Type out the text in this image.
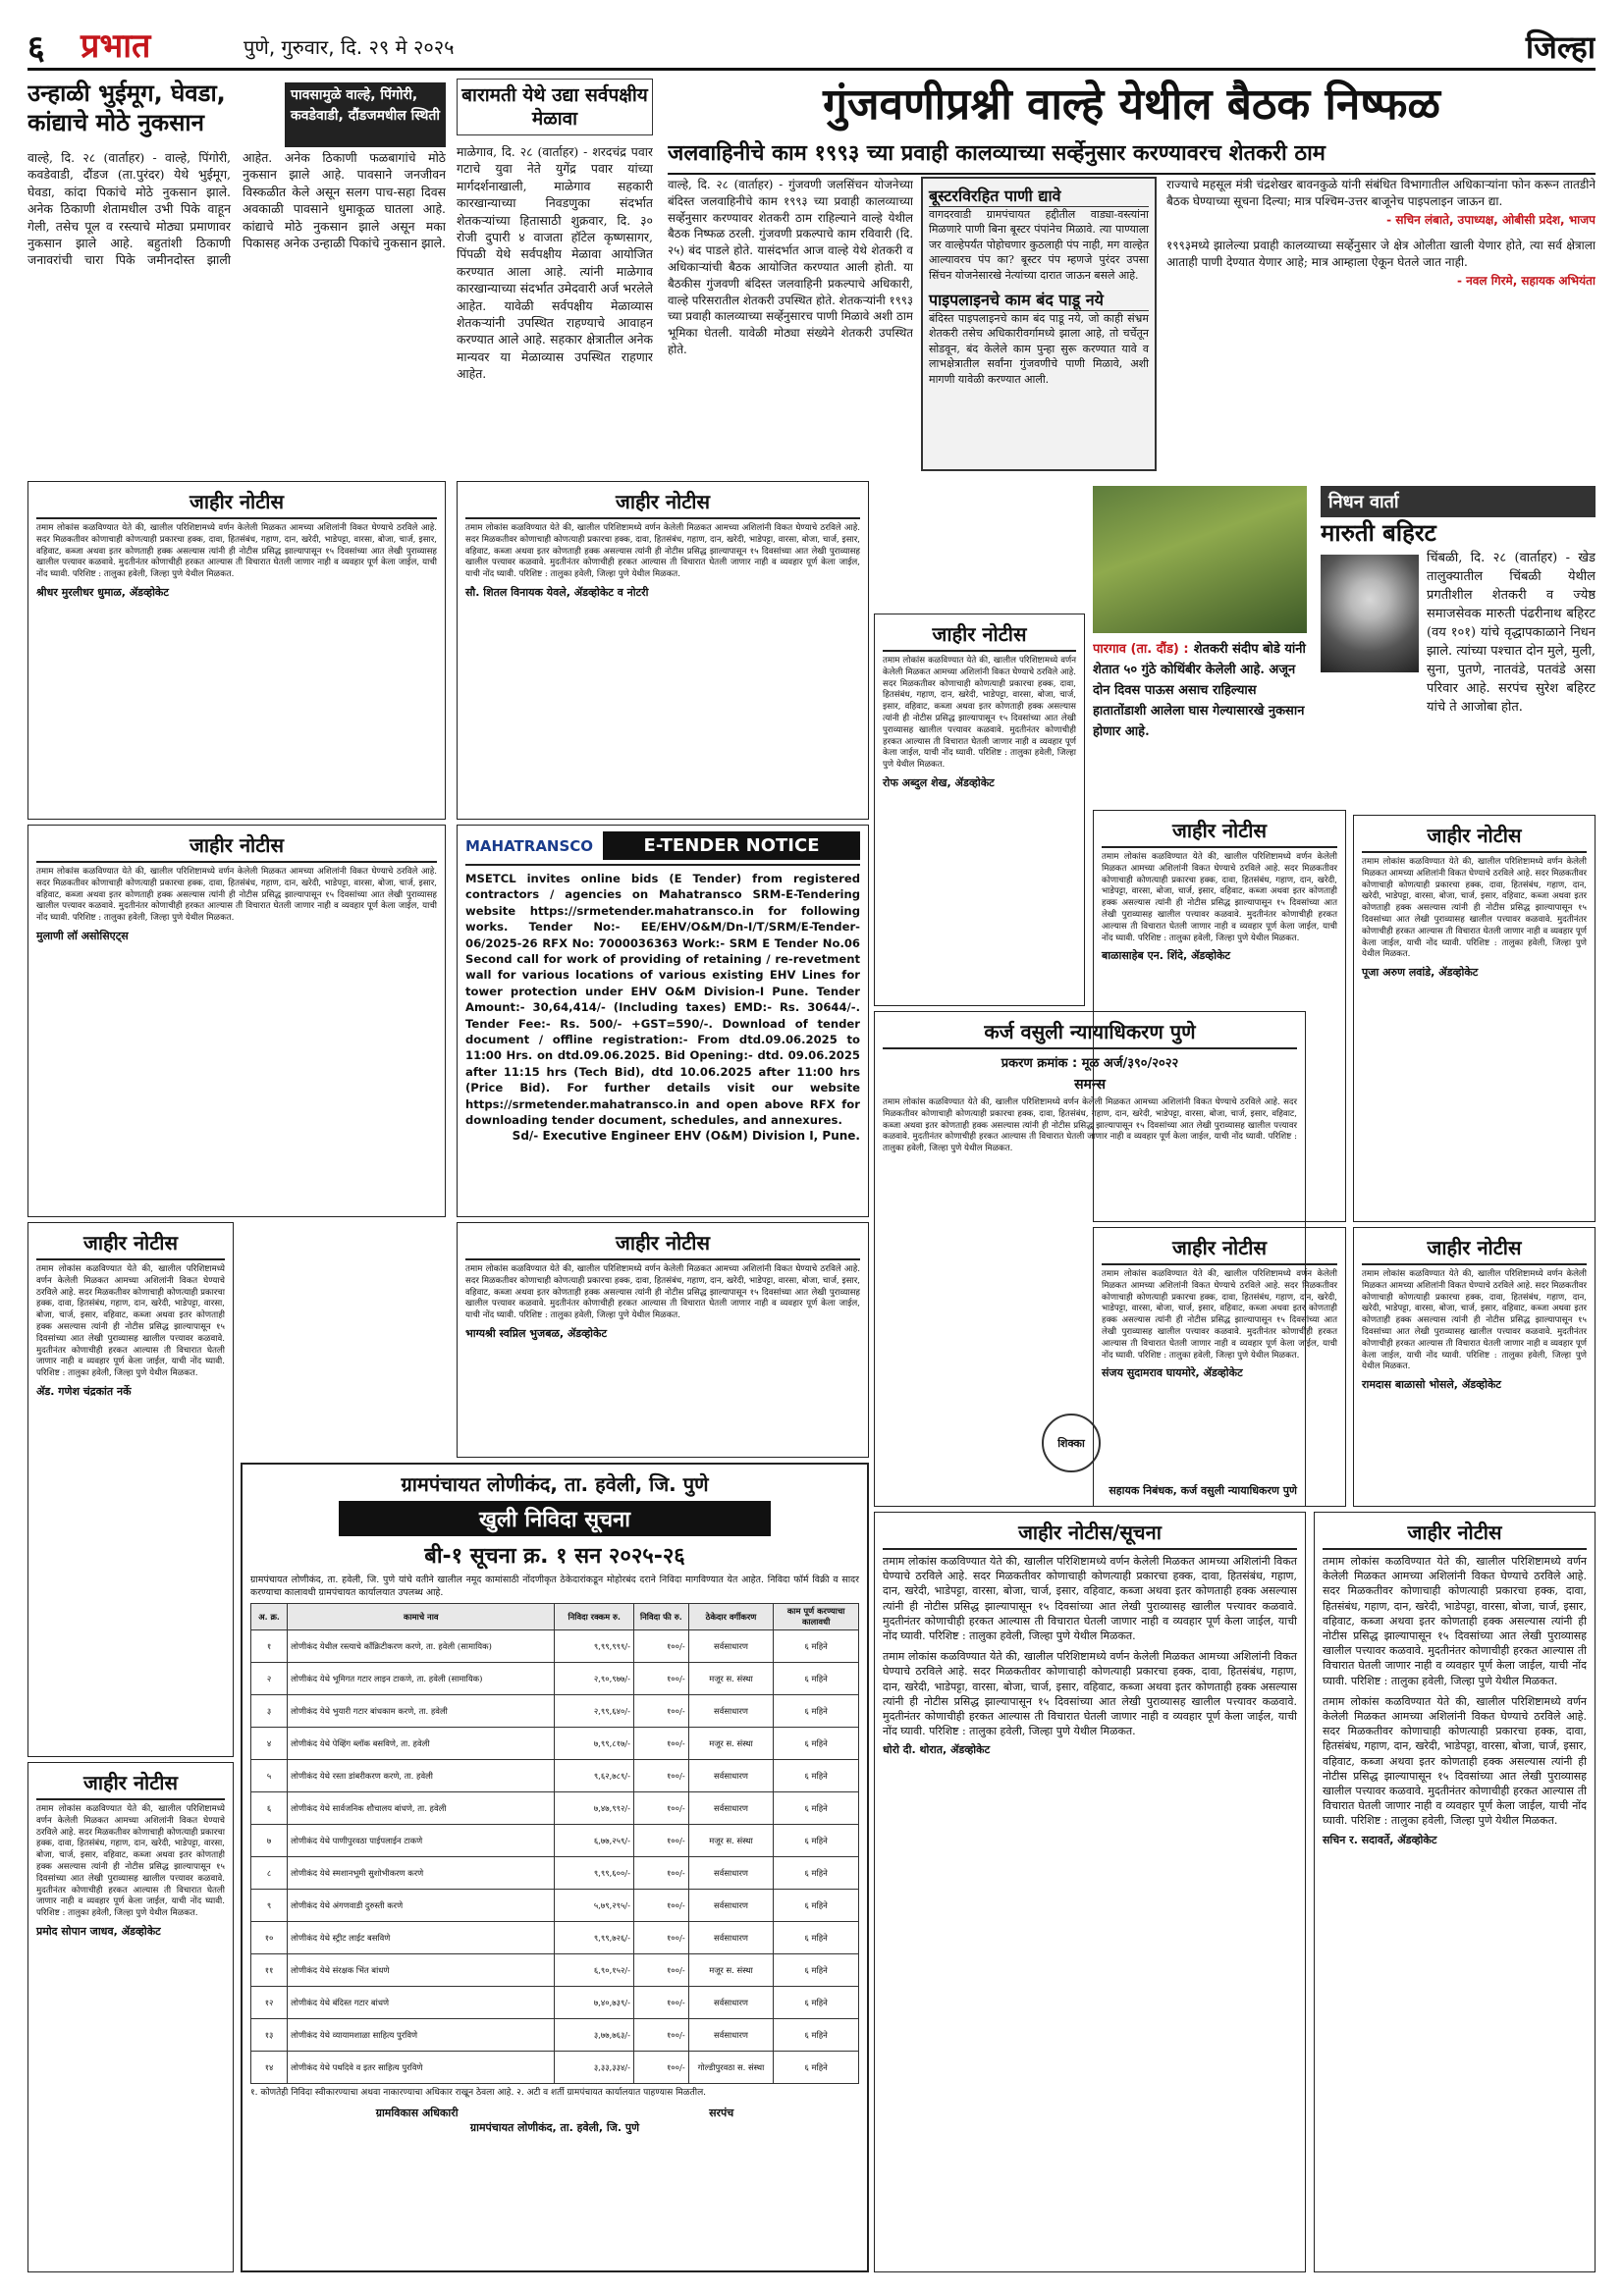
६ प्रभात	पुणे, गुरुवार, दि. २९ मे २०२५	जिल्हा
उन्हाळी भुईमूग, घेवडा, कांद्याचे मोठे नुकसान
पावसामुळे वाल्हे, पिंगोरी, कवडेवाडी, दौंडजमधील स्थिती

वाल्हे, दि. २८ (वार्ताहर) - वाल्हे, पिंगोरी, कवडेवाडी, दौंडज (ता.पुरंदर) येथे भुईमूग, घेवडा, कांदा पिकांचे मोठे नुकसान झाले. अनेक ठिकाणी शेतामधील उभी पिके वाहून गेली, तसेच पूल व रस्त्याचे मोठ्या प्रमाणावर नुकसान झाले आहे. बहुतांशी ठिकाणी जनावरांची चारा पिके जमीनदोस्त झाली आहेत. अनेक ठिकाणी फळबागांचे मोठे नुकसान झाले आहे. पावसाने जनजीवन विस्कळीत केले असून सलग पाच-सहा दिवस अवकाळी पावसाने धुमाकूळ घातला आहे. कांद्याचे मोठे नुकसान झाले असून मका पिकासह अनेक उन्हाळी पिकांचे नुकसान झाले.

बारामती येथे उद्या सर्वपक्षीय मेळावा

माळेगाव, दि. २८ (वार्ताहर) - शरदचंद्र पवार गटाचे युवा नेते युगेंद्र पवार यांच्या मार्गदर्शनाखाली, माळेगाव सहकारी कारखान्याच्या निवडणुका संदर्भात शेतकऱ्यांच्या हितासाठी शुक्रवार, दि. ३० रोजी दुपारी ४ वाजता हॉटेल कृष्णसागर, पिंपळी येथे सर्वपक्षीय मेळावा आयोजित करण्यात आला आहे. त्यांनी माळेगाव कारखान्याच्या संदर्भात उमेदवारी अर्ज भरलेले आहेत. यावेळी सर्वपक्षीय मेळाव्यास शेतकऱ्यांनी उपस्थित राहण्याचे आवाहन करण्यात आले आहे. सहकार क्षेत्रातील अनेक मान्यवर या मेळाव्यास उपस्थित राहणार आहेत.

गुंजवणीप्रश्नी वाल्हे येथील बैठक निष्फळ
जलवाहिनीचे काम १९९३ च्या प्रवाही कालव्याच्या सर्व्हेनुसार करण्यावरच शेतकरी ठाम

वाल्हे, दि. २८ (वार्ताहर) - गुंजवणी जलसिंचन योजनेच्या बंदिस्त जलवाहिनीचे काम १९९३ च्या प्रवाही कालव्याच्या सर्व्हेनुसार करण्यावर शेतकरी ठाम राहिल्याने वाल्हे येथील बैठक निष्फळ ठरली. गुंजवणी प्रकल्पाचे काम रविवारी (दि. २५) बंद पाडले होते. यासंदर्भात आज वाल्हे येथे शेतकरी व अधिकाऱ्यांची बैठक आयोजित करण्यात आली होती. या बैठकीस गुंजवणी बंदिस्त जलवाहिनी प्रकल्पाचे अधिकारी, वाल्हे परिसरातील शेतकरी उपस्थित होते. शेतकऱ्यांनी १९९३ च्या प्रवाही कालव्याच्या सर्व्हेनुसारच पाणी मिळावे अशी ठाम भूमिका घेतली. यावेळी मोठ्या संख्येने शेतकरी उपस्थित होते.

बूस्टरविरहित पाणी द्यावे

वागदरवाडी ग्रामपंचायत हद्दीतील वाड्या-वस्त्यांना मिळणारे पाणी बिना बूस्टर पंपांनेच मिळावे. त्या पाण्याला जर वाल्हेपर्यंत पोहोचणार कुठलाही पंप नाही, मग वाल्हेत आल्यावरच पंप का? बूस्टर पंप म्हणजे पुरंदर उपसा सिंचन योजनेसारखे नेत्यांच्या दारात जाऊन बसले आहे.

पाइपलाइनचे काम बंद पाडू नये

बंदिस्त पाइपलाइनचे काम बंद पाडू नये, जो काही संभ्रम शेतकरी तसेच अधिकारीवर्गामध्ये झाला आहे, तो चर्चेतून सोडवून, बंद केलेले काम पुन्हा सुरू करण्यात यावे व लाभक्षेत्रातील सर्वांना गुंजवणीचे पाणी मिळावे, अशी मागणी यावेळी करण्यात आली.

राज्याचे महसूल मंत्री चंद्रशेखर बावनकुळे यांनी संबंधित विभागातील अधिकाऱ्यांना फोन करून तातडीने बैठक घेण्याच्या सूचना दिल्या; मात्र पश्चिम-उत्तर बाजूनेच पाइपलाइन जाऊन द्या.

- सचिन लंबाते, उपाध्यक्ष, ओबीसी प्रदेश, भाजप

१९९३मध्ये झालेल्या प्रवाही कालव्याच्या सर्व्हेनुसार जे क्षेत्र ओलीता खाली येणार होते, त्या सर्व क्षेत्राला आताही पाणी देण्यात येणार आहे; मात्र आम्हाला ऐकून घेतले जात नाही.

- नवल गिरमे, सहायक अभियंता
पारगाव (ता. दौंड) : शेतकरी संदीप बोडे यांनी शेतात ५० गुंठे कोथिंबीर केलेली आहे. अजून दोन दिवस पाऊस असाच राहिल्यास हातातोंडाशी आलेला घास गेल्यासारखे नुकसान होणार आहे.

निधन वार्ता
मारुती बहिरट

चिंबळी, दि. २८ (वार्ताहर) - खेड तालुक्यातील चिंबळी येथील प्रगतीशील शेतकरी व ज्येष्ठ समाजसेवक मारुती पंढरीनाथ बहिरट (वय १०१) यांचे वृद्धापकाळाने निधन झाले. त्यांच्या पश्चात दोन मुले, मुली, सुना, पुतणे, नातवंडे, पतवंडे असा परिवार आहे. सरपंच सुरेश बहिरट यांचे ते आजोबा होत.

जाहीर नोटीस

तमाम लोकांस कळविण्यात येते की, खालील परिशिष्टामध्ये वर्णन केलेली मिळकत आमच्या अशिलांनी विकत घेण्याचे ठरविले आहे. सदर मिळकतीवर कोणाचाही कोणत्याही प्रकारचा हक्क, दावा, हितसंबंध, गहाण, दान, खरेदी, भाडेपट्टा, वारसा, बोजा, चार्ज, इसार, वहिवाट, कब्जा अथवा इतर कोणताही हक्क असल्यास त्यांनी ही नोटीस प्रसिद्ध झाल्यापासून १५ दिवसांच्या आत लेखी पुराव्यासह खालील पत्त्यावर कळवावे. मुदतीनंतर कोणाचीही हरकत आल्यास ती विचारात घेतली जाणार नाही व व्यवहार पूर्ण केला जाईल, याची नोंद घ्यावी. परिशिष्ट : तालुका हवेली, जिल्हा पुणे येथील मिळकत.

श्रीधर मुरलीधर धुमाळ, ॲडव्होकेट
जाहीर नोटीस

तमाम लोकांस कळविण्यात येते की, खालील परिशिष्टामध्ये वर्णन केलेली मिळकत आमच्या अशिलांनी विकत घेण्याचे ठरविले आहे. सदर मिळकतीवर कोणाचाही कोणत्याही प्रकारचा हक्क, दावा, हितसंबंध, गहाण, दान, खरेदी, भाडेपट्टा, वारसा, बोजा, चार्ज, इसार, वहिवाट, कब्जा अथवा इतर कोणताही हक्क असल्यास त्यांनी ही नोटीस प्रसिद्ध झाल्यापासून १५ दिवसांच्या आत लेखी पुराव्यासह खालील पत्त्यावर कळवावे. मुदतीनंतर कोणाचीही हरकत आल्यास ती विचारात घेतली जाणार नाही व व्यवहार पूर्ण केला जाईल, याची नोंद घ्यावी. परिशिष्ट : तालुका हवेली, जिल्हा पुणे येथील मिळकत.

मुलाणी लॉ असोसिएट्स
जाहीर नोटीस

तमाम लोकांस कळविण्यात येते की, खालील परिशिष्टामध्ये वर्णन केलेली मिळकत आमच्या अशिलांनी विकत घेण्याचे ठरविले आहे. सदर मिळकतीवर कोणाचाही कोणत्याही प्रकारचा हक्क, दावा, हितसंबंध, गहाण, दान, खरेदी, भाडेपट्टा, वारसा, बोजा, चार्ज, इसार, वहिवाट, कब्जा अथवा इतर कोणताही हक्क असल्यास त्यांनी ही नोटीस प्रसिद्ध झाल्यापासून १५ दिवसांच्या आत लेखी पुराव्यासह खालील पत्त्यावर कळवावे. मुदतीनंतर कोणाचीही हरकत आल्यास ती विचारात घेतली जाणार नाही व व्यवहार पूर्ण केला जाईल, याची नोंद घ्यावी. परिशिष्ट : तालुका हवेली, जिल्हा पुणे येथील मिळकत.

ॲड. गणेश चंद्रकांत नर्के
जाहीर नोटीस

तमाम लोकांस कळविण्यात येते की, खालील परिशिष्टामध्ये वर्णन केलेली मिळकत आमच्या अशिलांनी विकत घेण्याचे ठरविले आहे. सदर मिळकतीवर कोणाचाही कोणत्याही प्रकारचा हक्क, दावा, हितसंबंध, गहाण, दान, खरेदी, भाडेपट्टा, वारसा, बोजा, चार्ज, इसार, वहिवाट, कब्जा अथवा इतर कोणताही हक्क असल्यास त्यांनी ही नोटीस प्रसिद्ध झाल्यापासून १५ दिवसांच्या आत लेखी पुराव्यासह खालील पत्त्यावर कळवावे. मुदतीनंतर कोणाचीही हरकत आल्यास ती विचारात घेतली जाणार नाही व व्यवहार पूर्ण केला जाईल, याची नोंद घ्यावी. परिशिष्ट : तालुका हवेली, जिल्हा पुणे येथील मिळकत.

प्रमोद सोपान जाधव, ॲडव्होकेट
जाहीर नोटीस

तमाम लोकांस कळविण्यात येते की, खालील परिशिष्टामध्ये वर्णन केलेली मिळकत आमच्या अशिलांनी विकत घेण्याचे ठरविले आहे. सदर मिळकतीवर कोणाचाही कोणत्याही प्रकारचा हक्क, दावा, हितसंबंध, गहाण, दान, खरेदी, भाडेपट्टा, वारसा, बोजा, चार्ज, इसार, वहिवाट, कब्जा अथवा इतर कोणताही हक्क असल्यास त्यांनी ही नोटीस प्रसिद्ध झाल्यापासून १५ दिवसांच्या आत लेखी पुराव्यासह खालील पत्त्यावर कळवावे. मुदतीनंतर कोणाचीही हरकत आल्यास ती विचारात घेतली जाणार नाही व व्यवहार पूर्ण केला जाईल, याची नोंद घ्यावी. परिशिष्ट : तालुका हवेली, जिल्हा पुणे येथील मिळकत.

सौ. शितल विनायक येवले, ॲडव्होकेट व नोटरी
MAHATRANSCO	E-TENDER NOTICE

MSETCL invites online bids (E Tender) from registered contractors / agencies on Mahatransco SRM-E-Tendering website https://srmetender.mahatransco.in for following works. Tender No:- EE/EHV/O&M/Dn-I/T/SRM/E-Tender-06/2025-26 RFX No: 7000036363 Work:- SRM E Tender No.06 Second call for work of providing of retaining / re-revetment wall for various locations of various existing EHV Lines for tower protection under EHV O&M Division-I Pune. Tender Amount:- 30,64,414/- (Including taxes) EMD:- Rs. 30644/-. Tender Fee:- Rs. 500/- +GST=590/-. Download of tender document / offline registration:- From dtd.09.06.2025 to 11:00 Hrs. on dtd.09.06.2025. Bid Opening:- dtd. 09.06.2025 after 11:15 hrs (Tech Bid), dtd 10.06.2025 after 11:00 hrs (Price Bid). For further details visit our website https://srmetender.mahatransco.in and open above RFX for downloading tender document, schedules, and annexures.

Sd/- Executive Engineer EHV (O&M) Division I, Pune.
जाहीर नोटीस

तमाम लोकांस कळविण्यात येते की, खालील परिशिष्टामध्ये वर्णन केलेली मिळकत आमच्या अशिलांनी विकत घेण्याचे ठरविले आहे. सदर मिळकतीवर कोणाचाही कोणत्याही प्रकारचा हक्क, दावा, हितसंबंध, गहाण, दान, खरेदी, भाडेपट्टा, वारसा, बोजा, चार्ज, इसार, वहिवाट, कब्जा अथवा इतर कोणताही हक्क असल्यास त्यांनी ही नोटीस प्रसिद्ध झाल्यापासून १५ दिवसांच्या आत लेखी पुराव्यासह खालील पत्त्यावर कळवावे. मुदतीनंतर कोणाचीही हरकत आल्यास ती विचारात घेतली जाणार नाही व व्यवहार पूर्ण केला जाईल, याची नोंद घ्यावी. परिशिष्ट : तालुका हवेली, जिल्हा पुणे येथील मिळकत.

रोफ अब्दुल शेख, ॲडव्होकेट
कर्ज वसुली न्यायाधिकरण पुणे
प्रकरण क्रमांक : मूळ अर्ज/३९०/२०२२
समन्स

तमाम लोकांस कळविण्यात येते की, खालील परिशिष्टामध्ये वर्णन केलेली मिळकत आमच्या अशिलांनी विकत घेण्याचे ठरविले आहे. सदर मिळकतीवर कोणाचाही कोणत्याही प्रकारचा हक्क, दावा, हितसंबंध, गहाण, दान, खरेदी, भाडेपट्टा, वारसा, बोजा, चार्ज, इसार, वहिवाट, कब्जा अथवा इतर कोणताही हक्क असल्यास त्यांनी ही नोटीस प्रसिद्ध झाल्यापासून १५ दिवसांच्या आत लेखी पुराव्यासह खालील पत्त्यावर कळवावे. मुदतीनंतर कोणाचीही हरकत आल्यास ती विचारात घेतली जाणार नाही व व्यवहार पूर्ण केला जाईल, याची नोंद घ्यावी. परिशिष्ट : तालुका हवेली, जिल्हा पुणे येथील मिळकत.

शिक्का
सहायक निबंधक, कर्ज वसुली न्यायाधिकरण पुणे
जाहीर नोटीस

तमाम लोकांस कळविण्यात येते की, खालील परिशिष्टामध्ये वर्णन केलेली मिळकत आमच्या अशिलांनी विकत घेण्याचे ठरविले आहे. सदर मिळकतीवर कोणाचाही कोणत्याही प्रकारचा हक्क, दावा, हितसंबंध, गहाण, दान, खरेदी, भाडेपट्टा, वारसा, बोजा, चार्ज, इसार, वहिवाट, कब्जा अथवा इतर कोणताही हक्क असल्यास त्यांनी ही नोटीस प्रसिद्ध झाल्यापासून १५ दिवसांच्या आत लेखी पुराव्यासह खालील पत्त्यावर कळवावे. मुदतीनंतर कोणाचीही हरकत आल्यास ती विचारात घेतली जाणार नाही व व्यवहार पूर्ण केला जाईल, याची नोंद घ्यावी. परिशिष्ट : तालुका हवेली, जिल्हा पुणे येथील मिळकत.

भाग्यश्री स्वप्निल भुजबळ, ॲडव्होकेट
ग्रामपंचायत लोणीकंद, ता. हवेली, जि. पुणे
खुली निविदा सूचना
बी-१ सूचना क्र. १ सन २०२५-२६

ग्रामपंचायत लोणीकंद, ता. हवेली, जि. पुणे यांचे वतीने खालील नमूद कामांसाठी नोंदणीकृत ठेकेदारांकडून मोहोरबंद दराने निविदा मागविण्यात येत आहेत. निविदा फॉर्म विक्री व सादर करण्याचा कालावधी ग्रामपंचायत कार्यालयात उपलब्ध आहे.

अ. क्र.	कामाचे नाव	निविदा रक्कम रु.	निविदा फी रु.	ठेकेदार वर्गीकरण	काम पूर्ण करण्याचा कालावधी
१	लोणीकंद येथील रस्त्याचे काँक्रिटीकरण करणे, ता. हवेली (सामायिक)	९,९९,९९९/-	१००/-	सर्वसाधारण	६ महिने
२	लोणीकंद येथे भूमिगत गटार लाइन टाकणे, ता. हवेली (सामायिक)	२,९०,९७७/-	१००/-	मजूर स. संस्था	६ महिने
३	लोणीकंद येथे भुयारी गटार बांधकाम करणे, ता. हवेली	२,९९,६४०/-	१००/-	सर्वसाधारण	६ महिने
४	लोणीकंद येथे पेव्हिंग ब्लॉक बसविणे, ता. हवेली	७,९९,८१७/-	१००/-	मजूर स. संस्था	६ महिने
५	लोणीकंद येथे रस्ता डांबरीकरण करणे, ता. हवेली	९,६२,७८९/-	१००/-	सर्वसाधारण	६ महिने
६	लोणीकंद येथे सार्वजनिक शौचालय बांधणे, ता. हवेली	७,४७,९९२/-	१००/-	सर्वसाधारण	६ महिने
७	लोणीकंद येथे पाणीपुरवठा पाईपलाईन टाकणे	६,७७,२५९/-	१००/-	मजूर स. संस्था	६ महिने
८	लोणीकंद येथे स्मशानभूमी सुशोभीकरण करणे	९,९९,६००/-	१००/-	सर्वसाधारण	६ महिने
९	लोणीकंद येथे अंगणवाडी दुरुस्ती करणे	५,७९,२९५/-	१००/-	सर्वसाधारण	६ महिने
१०	लोणीकंद येथे स्ट्रीट लाईट बसविणे	९,९९,७२६/-	१००/-	सर्वसाधारण	६ महिने
११	लोणीकंद येथे संरक्षक भिंत बांधणे	६,९०,१५२/-	१००/-	मजूर स. संस्था	६ महिने
१२	लोणीकंद येथे बंदिस्त गटार बांधणे	७,४०,७३९/-	१००/-	सर्वसाधारण	६ महिने
१३	लोणीकंद येथे व्यायामशाळा साहित्य पुरविणे	३,७७,७६३/-	१००/-	सर्वसाधारण	६ महिने
१४	लोणीकंद येथे पथदिवे व इतर साहित्य पुरविणे	३,३३,३३४/-	१००/-	गोल्डीपुरवठा स. संस्था	६ महिने

१. कोणतेही निविदा स्वीकारण्याचा अथवा नाकारण्याचा अधिकार राखून ठेवला आहे. २. अटी व शर्ती ग्रामपंचायत कार्यालयात पाहण्यास मिळतील.

ग्रामविकास अधिकारी	सरपंच
ग्रामपंचायत लोणीकंद, ता. हवेली, जि. पुणे
जाहीर नोटीस

तमाम लोकांस कळविण्यात येते की, खालील परिशिष्टामध्ये वर्णन केलेली मिळकत आमच्या अशिलांनी विकत घेण्याचे ठरविले आहे. सदर मिळकतीवर कोणाचाही कोणत्याही प्रकारचा हक्क, दावा, हितसंबंध, गहाण, दान, खरेदी, भाडेपट्टा, वारसा, बोजा, चार्ज, इसार, वहिवाट, कब्जा अथवा इतर कोणताही हक्क असल्यास त्यांनी ही नोटीस प्रसिद्ध झाल्यापासून १५ दिवसांच्या आत लेखी पुराव्यासह खालील पत्त्यावर कळवावे. मुदतीनंतर कोणाचीही हरकत आल्यास ती विचारात घेतली जाणार नाही व व्यवहार पूर्ण केला जाईल, याची नोंद घ्यावी. परिशिष्ट : तालुका हवेली, जिल्हा पुणे येथील मिळकत.

बाळासाहेब एन. शिंदे, ॲडव्होकेट
जाहीर नोटीस

तमाम लोकांस कळविण्यात येते की, खालील परिशिष्टामध्ये वर्णन केलेली मिळकत आमच्या अशिलांनी विकत घेण्याचे ठरविले आहे. सदर मिळकतीवर कोणाचाही कोणत्याही प्रकारचा हक्क, दावा, हितसंबंध, गहाण, दान, खरेदी, भाडेपट्टा, वारसा, बोजा, चार्ज, इसार, वहिवाट, कब्जा अथवा इतर कोणताही हक्क असल्यास त्यांनी ही नोटीस प्रसिद्ध झाल्यापासून १५ दिवसांच्या आत लेखी पुराव्यासह खालील पत्त्यावर कळवावे. मुदतीनंतर कोणाचीही हरकत आल्यास ती विचारात घेतली जाणार नाही व व्यवहार पूर्ण केला जाईल, याची नोंद घ्यावी. परिशिष्ट : तालुका हवेली, जिल्हा पुणे येथील मिळकत.

पूजा अरुण लवांडे, ॲडव्होकेट
जाहीर नोटीस

तमाम लोकांस कळविण्यात येते की, खालील परिशिष्टामध्ये वर्णन केलेली मिळकत आमच्या अशिलांनी विकत घेण्याचे ठरविले आहे. सदर मिळकतीवर कोणाचाही कोणत्याही प्रकारचा हक्क, दावा, हितसंबंध, गहाण, दान, खरेदी, भाडेपट्टा, वारसा, बोजा, चार्ज, इसार, वहिवाट, कब्जा अथवा इतर कोणताही हक्क असल्यास त्यांनी ही नोटीस प्रसिद्ध झाल्यापासून १५ दिवसांच्या आत लेखी पुराव्यासह खालील पत्त्यावर कळवावे. मुदतीनंतर कोणाचीही हरकत आल्यास ती विचारात घेतली जाणार नाही व व्यवहार पूर्ण केला जाईल, याची नोंद घ्यावी. परिशिष्ट : तालुका हवेली, जिल्हा पुणे येथील मिळकत.

संजय सुदामराव घायमोरे, ॲडव्होकेट
जाहीर नोटीस

तमाम लोकांस कळविण्यात येते की, खालील परिशिष्टामध्ये वर्णन केलेली मिळकत आमच्या अशिलांनी विकत घेण्याचे ठरविले आहे. सदर मिळकतीवर कोणाचाही कोणत्याही प्रकारचा हक्क, दावा, हितसंबंध, गहाण, दान, खरेदी, भाडेपट्टा, वारसा, बोजा, चार्ज, इसार, वहिवाट, कब्जा अथवा इतर कोणताही हक्क असल्यास त्यांनी ही नोटीस प्रसिद्ध झाल्यापासून १५ दिवसांच्या आत लेखी पुराव्यासह खालील पत्त्यावर कळवावे. मुदतीनंतर कोणाचीही हरकत आल्यास ती विचारात घेतली जाणार नाही व व्यवहार पूर्ण केला जाईल, याची नोंद घ्यावी. परिशिष्ट : तालुका हवेली, जिल्हा पुणे येथील मिळकत.

रामदास बाळासो भोसले, ॲडव्होकेट
जाहीर नोटीस/सूचना

तमाम लोकांस कळविण्यात येते की, खालील परिशिष्टामध्ये वर्णन केलेली मिळकत आमच्या अशिलांनी विकत घेण्याचे ठरविले आहे. सदर मिळकतीवर कोणाचाही कोणत्याही प्रकारचा हक्क, दावा, हितसंबंध, गहाण, दान, खरेदी, भाडेपट्टा, वारसा, बोजा, चार्ज, इसार, वहिवाट, कब्जा अथवा इतर कोणताही हक्क असल्यास त्यांनी ही नोटीस प्रसिद्ध झाल्यापासून १५ दिवसांच्या आत लेखी पुराव्यासह खालील पत्त्यावर कळवावे. मुदतीनंतर कोणाचीही हरकत आल्यास ती विचारात घेतली जाणार नाही व व्यवहार पूर्ण केला जाईल, याची नोंद घ्यावी. परिशिष्ट : तालुका हवेली, जिल्हा पुणे येथील मिळकत.

तमाम लोकांस कळविण्यात येते की, खालील परिशिष्टामध्ये वर्णन केलेली मिळकत आमच्या अशिलांनी विकत घेण्याचे ठरविले आहे. सदर मिळकतीवर कोणाचाही कोणत्याही प्रकारचा हक्क, दावा, हितसंबंध, गहाण, दान, खरेदी, भाडेपट्टा, वारसा, बोजा, चार्ज, इसार, वहिवाट, कब्जा अथवा इतर कोणताही हक्क असल्यास त्यांनी ही नोटीस प्रसिद्ध झाल्यापासून १५ दिवसांच्या आत लेखी पुराव्यासह खालील पत्त्यावर कळवावे. मुदतीनंतर कोणाचीही हरकत आल्यास ती विचारात घेतली जाणार नाही व व्यवहार पूर्ण केला जाईल, याची नोंद घ्यावी. परिशिष्ट : तालुका हवेली, जिल्हा पुणे येथील मिळकत.

धोरो दी. थोरात, ॲडव्होकेट
जाहीर नोटीस

तमाम लोकांस कळविण्यात येते की, खालील परिशिष्टामध्ये वर्णन केलेली मिळकत आमच्या अशिलांनी विकत घेण्याचे ठरविले आहे. सदर मिळकतीवर कोणाचाही कोणत्याही प्रकारचा हक्क, दावा, हितसंबंध, गहाण, दान, खरेदी, भाडेपट्टा, वारसा, बोजा, चार्ज, इसार, वहिवाट, कब्जा अथवा इतर कोणताही हक्क असल्यास त्यांनी ही नोटीस प्रसिद्ध झाल्यापासून १५ दिवसांच्या आत लेखी पुराव्यासह खालील पत्त्यावर कळवावे. मुदतीनंतर कोणाचीही हरकत आल्यास ती विचारात घेतली जाणार नाही व व्यवहार पूर्ण केला जाईल, याची नोंद घ्यावी. परिशिष्ट : तालुका हवेली, जिल्हा पुणे येथील मिळकत.

तमाम लोकांस कळविण्यात येते की, खालील परिशिष्टामध्ये वर्णन केलेली मिळकत आमच्या अशिलांनी विकत घेण्याचे ठरविले आहे. सदर मिळकतीवर कोणाचाही कोणत्याही प्रकारचा हक्क, दावा, हितसंबंध, गहाण, दान, खरेदी, भाडेपट्टा, वारसा, बोजा, चार्ज, इसार, वहिवाट, कब्जा अथवा इतर कोणताही हक्क असल्यास त्यांनी ही नोटीस प्रसिद्ध झाल्यापासून १५ दिवसांच्या आत लेखी पुराव्यासह खालील पत्त्यावर कळवावे. मुदतीनंतर कोणाचीही हरकत आल्यास ती विचारात घेतली जाणार नाही व व्यवहार पूर्ण केला जाईल, याची नोंद घ्यावी. परिशिष्ट : तालुका हवेली, जिल्हा पुणे येथील मिळकत.

सचिन र. सदावर्ते, ॲडव्होकेट
